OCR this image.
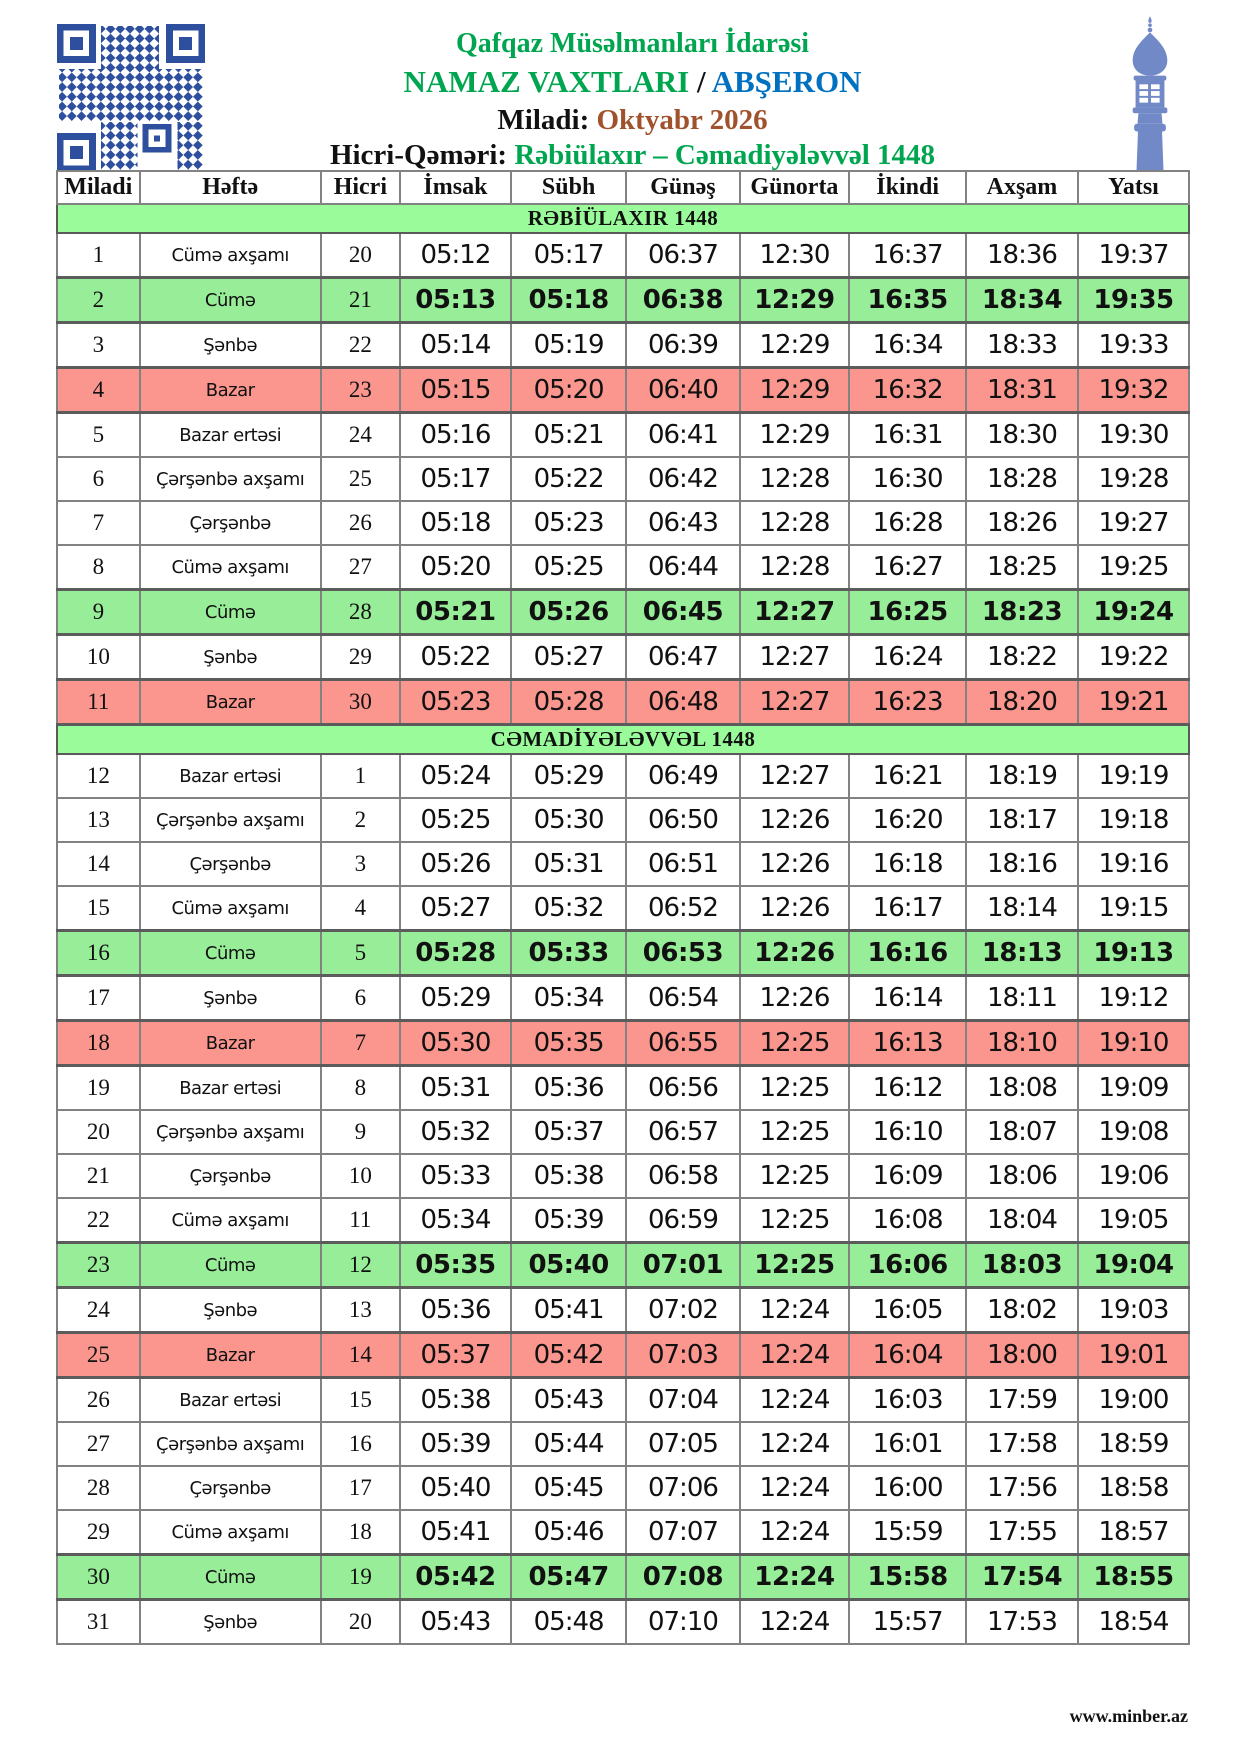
Qafqaz Müsəlmanları İdarəsi
NAMAZ VAXTLARI / ABŞERON
Miladi: Oktyabr 2026
Hicri-Qəməri: Rəbiülaxır – Cəmadiyələvvəl 1448
Miladi	Həftə	Hicri	İmsak	Sübh	Günəş	Günorta	İkindi	Axşam	Yatsı
RƏBİÜLAXIR 1448									
1	Cümə axşamı	20	05:12	05:17	06:37	12:30	16:37	18:36	19:37
2	Cümə	21	05:13	05:18	06:38	12:29	16:35	18:34	19:35
3	Şənbə	22	05:14	05:19	06:39	12:29	16:34	18:33	19:33
4	Bazar	23	05:15	05:20	06:40	12:29	16:32	18:31	19:32
5	Bazar ertəsi	24	05:16	05:21	06:41	12:29	16:31	18:30	19:30
6	Çərşənbə axşamı	25	05:17	05:22	06:42	12:28	16:30	18:28	19:28
7	Çərşənbə	26	05:18	05:23	06:43	12:28	16:28	18:26	19:27
8	Cümə axşamı	27	05:20	05:25	06:44	12:28	16:27	18:25	19:25
9	Cümə	28	05:21	05:26	06:45	12:27	16:25	18:23	19:24
10	Şənbə	29	05:22	05:27	06:47	12:27	16:24	18:22	19:22
11	Bazar	30	05:23	05:28	06:48	12:27	16:23	18:20	19:21
CƏMADİYƏLƏVVƏL 1448									
12	Bazar ertəsi	1	05:24	05:29	06:49	12:27	16:21	18:19	19:19
13	Çərşənbə axşamı	2	05:25	05:30	06:50	12:26	16:20	18:17	19:18
14	Çərşənbə	3	05:26	05:31	06:51	12:26	16:18	18:16	19:16
15	Cümə axşamı	4	05:27	05:32	06:52	12:26	16:17	18:14	19:15
16	Cümə	5	05:28	05:33	06:53	12:26	16:16	18:13	19:13
17	Şənbə	6	05:29	05:34	06:54	12:26	16:14	18:11	19:12
18	Bazar	7	05:30	05:35	06:55	12:25	16:13	18:10	19:10
19	Bazar ertəsi	8	05:31	05:36	06:56	12:25	16:12	18:08	19:09
20	Çərşənbə axşamı	9	05:32	05:37	06:57	12:25	16:10	18:07	19:08
21	Çərşənbə	10	05:33	05:38	06:58	12:25	16:09	18:06	19:06
22	Cümə axşamı	11	05:34	05:39	06:59	12:25	16:08	18:04	19:05
23	Cümə	12	05:35	05:40	07:01	12:25	16:06	18:03	19:04
24	Şənbə	13	05:36	05:41	07:02	12:24	16:05	18:02	19:03
25	Bazar	14	05:37	05:42	07:03	12:24	16:04	18:00	19:01
26	Bazar ertəsi	15	05:38	05:43	07:04	12:24	16:03	17:59	19:00
27	Çərşənbə axşamı	16	05:39	05:44	07:05	12:24	16:01	17:58	18:59
28	Çərşənbə	17	05:40	05:45	07:06	12:24	16:00	17:56	18:58
29	Cümə axşamı	18	05:41	05:46	07:07	12:24	15:59	17:55	18:57
30	Cümə	19	05:42	05:47	07:08	12:24	15:58	17:54	18:55
31	Şənbə	20	05:43	05:48	07:10	12:24	15:57	17:53	18:54
www.minber.az
